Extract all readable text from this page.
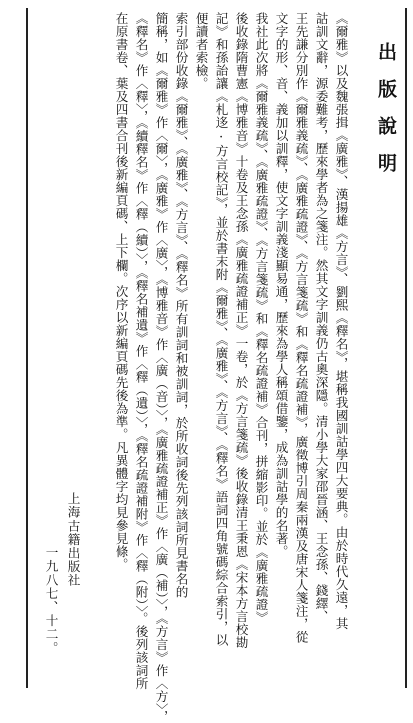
出版說明
《爾雅》以及魏張揖《廣雅》、漢揚雄《方言》、劉熙《釋名》，堪稱我國訓詁學四大要典。由於時代久遠，其
詁訓文辭，源委難考，歷來學者為之箋注。然其文字訓義仍古奧深隱。清小學大家邵晉涵、王念孫、錢繹、
王先謙分別作《爾雅義疏》、《廣雅疏證》、《方言箋疏》和《釋名疏證補》，廣徵博引周秦兩漢及唐宋人箋注，從
文字的形、音、義加以訓釋，使文字訓義淺顯易通，歷來為學人稱頌借鑒，成為訓詁學的名著。
我社此次將《爾雅義疏》、《廣雅疏證》、《方言箋疏》和《釋名疏證補》合刊，拼縮影印。並於《廣雅疏證》
後收錄隋曹憲《博雅音》十卷及王念孫《廣雅疏證補正》一卷，於《方言箋疏》後收錄清王秉恩《宋本方言校勘
記》和孫詒讓《札迻·方言校記》，並於書末附《爾雅》、《廣雅》、《方言》、《釋名》語詞四角號碼綜合索引，以
便讀者索檢。
索引部份收錄《爾雅》、《廣雅》、《方言》、《釋名》所有訓詞和被訓詞，於所收詞後先列該詞所見書名的
簡稱，如《爾雅》作〈爾〉，《廣雅》作〈廣〉，《博雅音》作〈廣（音）〉，《廣雅疏證補正》作〈廣（補）〉，《方言》作〈方〉，
《釋名》作〈釋〉，《續釋名》作〈釋（續）〉，《釋名補遺》作〈釋（遺）〉，《釋名疏證補附》作〈釋（附）〉。後列該詞所
在原書卷、葉及四書合刊後新編頁碼、上下欄。次序以新編頁碼先後為準。凡異體字均見參見條。
上海古籍出版社
一九八七、十二。
